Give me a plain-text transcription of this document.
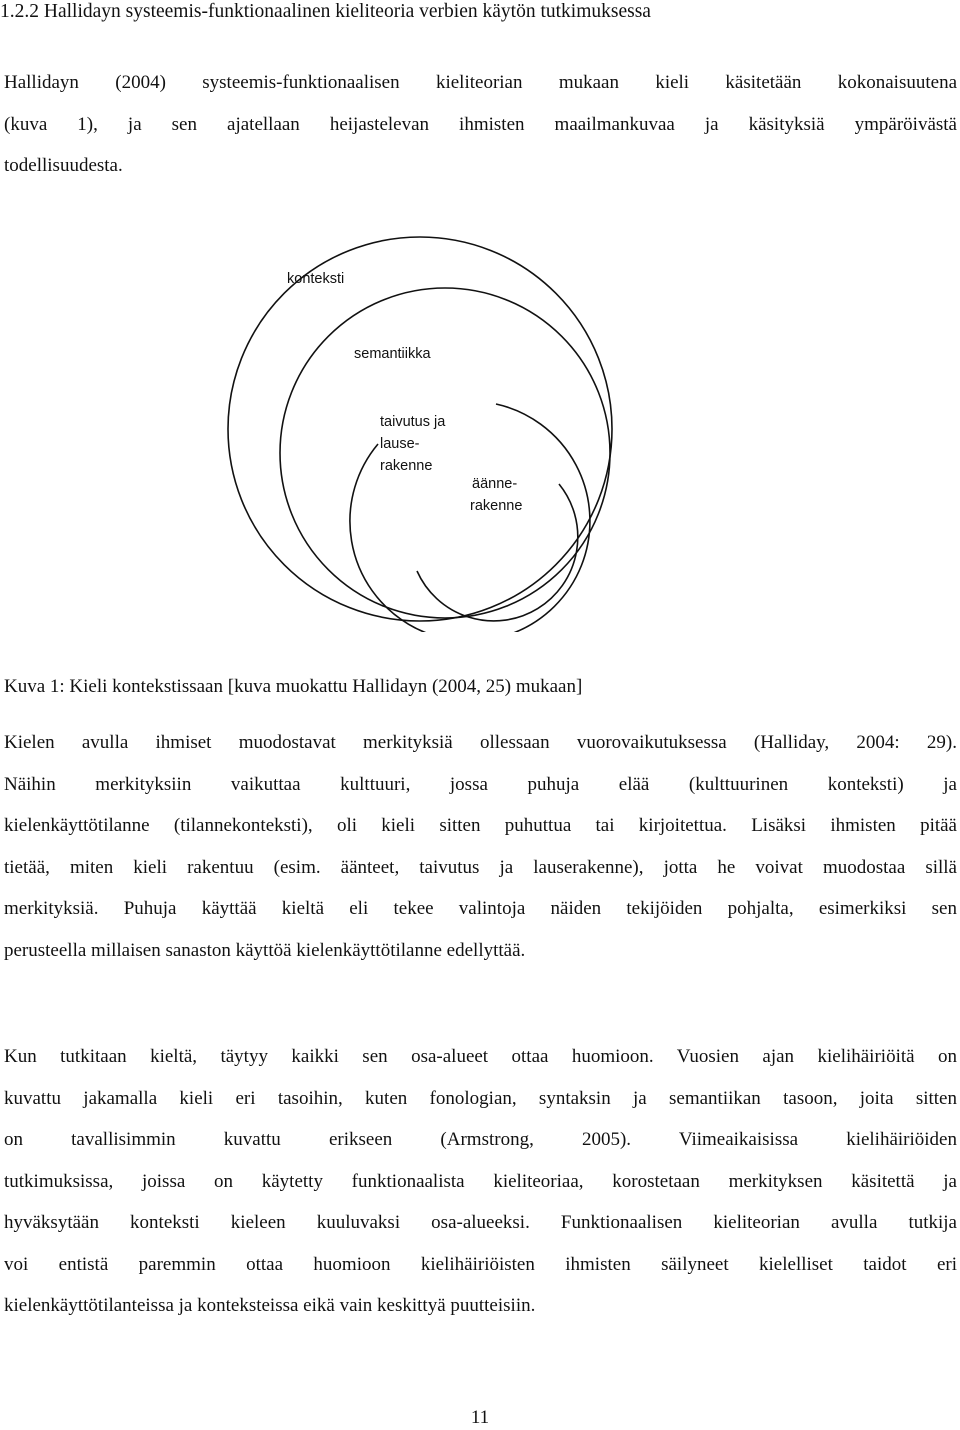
1.2.2 Hallidayn systeemis-funktionaalinen kieliteoria verbien käytön tutkimuksessa
Hallidayn (2004) systeemis-funktionaalisen kieliteorian mukaan kieli käsitetään kokonaisuutena
(kuva 1), ja sen ajatellaan heijastelevan ihmisten maailmankuvaa ja käsityksiä ympäröivästä
todellisuudesta.
konteksti
semantiikka
taivutus ja
lause-
rakenne
äänne-
rakenne
Kuva 1: Kieli kontekstissaan [kuva muokattu Hallidayn (2004, 25) mukaan]
Kielen avulla ihmiset muodostavat merkityksiä ollessaan vuorovaikutuksessa (Halliday, 2004: 29).
Näihin merkityksiin vaikuttaa kulttuuri, jossa puhuja elää (kulttuurinen konteksti) ja
kielenkäyttötilanne (tilannekonteksti), oli kieli sitten puhuttua tai kirjoitettua. Lisäksi ihmisten pitää
tietää, miten kieli rakentuu (esim. äänteet, taivutus ja lauserakenne), jotta he voivat muodostaa sillä
merkityksiä. Puhuja käyttää kieltä eli tekee valintoja näiden tekijöiden pohjalta, esimerkiksi sen
perusteella millaisen sanaston käyttöä kielenkäyttötilanne edellyttää.
Kun tutkitaan kieltä, täytyy kaikki sen osa-alueet ottaa huomioon. Vuosien ajan kielihäiriöitä on
kuvattu jakamalla kieli eri tasoihin, kuten fonologian, syntaksin ja semantiikan tasoon, joita sitten
on tavallisimmin kuvattu erikseen (Armstrong, 2005). Viimeaikaisissa kielihäiriöiden
tutkimuksissa, joissa on käytetty funktionaalista kieliteoriaa, korostetaan merkityksen käsitettä ja
hyväksytään konteksti kieleen kuuluvaksi osa-alueeksi. Funktionaalisen kieliteorian avulla tutkija
voi entistä paremmin ottaa huomioon kielihäiriöisten ihmisten säilyneet kielelliset taidot eri
kielenkäyttötilanteissa ja konteksteissa eikä vain keskittyä puutteisiin.
11
